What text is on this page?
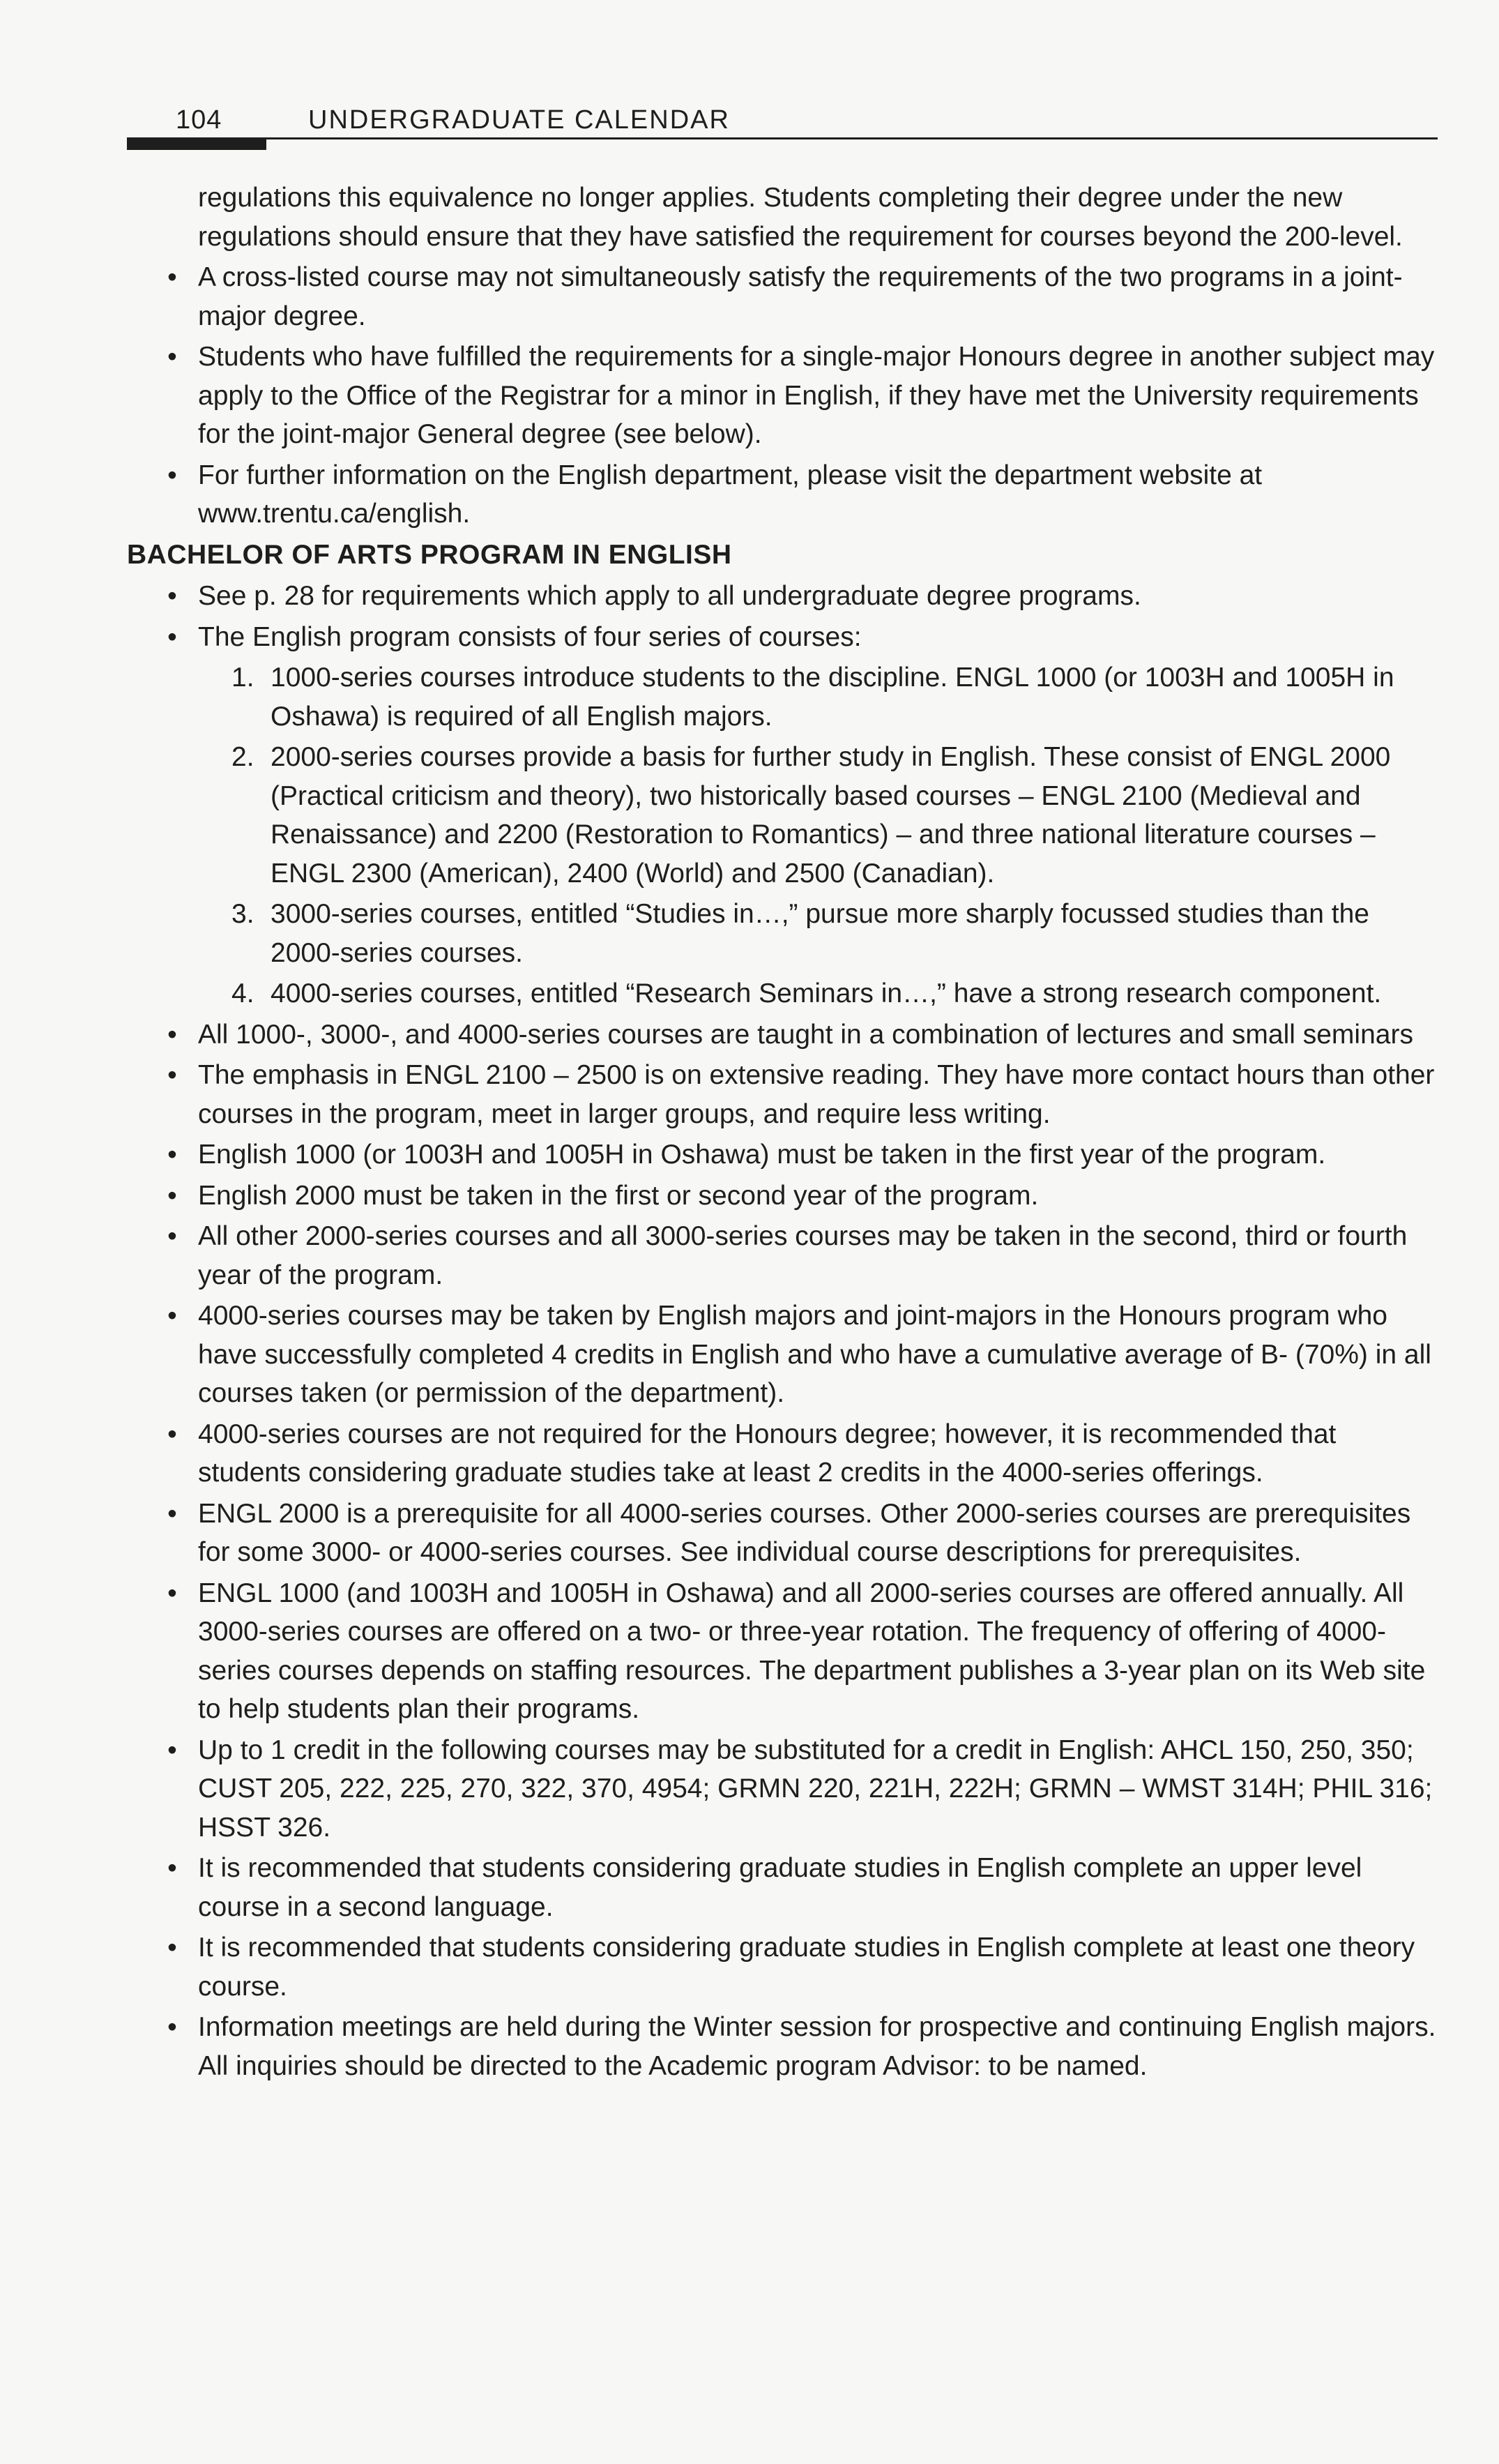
104	UNDERGRADUATE CALENDAR

regulations this equivalence no longer applies. Students completing their degree under the new regulations should ensure that they have satisfied the requirement for courses beyond the 200-level.

• A cross-listed course may not simultaneously satisfy the requirements of the two programs in a joint-major degree.
• Students who have fulfilled the requirements for a single-major Honours degree in another subject may apply to the Office of the Registrar for a minor in English, if they have met the University requirements for the joint-major General degree (see below).
• For further information on the English department, please visit the department website at www.trentu.ca/english.
BACHELOR OF ARTS PROGRAM IN ENGLISH
• See p. 28 for requirements which apply to all undergraduate degree programs.
• The English program consists of four series of courses:
1. 1000-series courses introduce students to the discipline. ENGL 1000 (or 1003H and 1005H in Oshawa) is required of all English majors.
2. 2000-series courses provide a basis for further study in English. These consist of ENGL 2000 (Practical criticism and theory), two historically based courses – ENGL 2100 (Medieval and Renaissance) and 2200 (Restoration to Romantics) – and three national literature courses – ENGL 2300 (American), 2400 (World) and 2500 (Canadian).
3. 3000-series courses, entitled “Studies in…,” pursue more sharply focussed studies than the 2000-series courses.
4. 4000-series courses, entitled “Research Seminars in…,” have a strong research component.
• All 1000-, 3000-, and 4000-series courses are taught in a combination of lectures and small seminars
• The emphasis in ENGL 2100 – 2500 is on extensive reading. They have more contact hours than other courses in the program, meet in larger groups, and require less writing.
• English 1000 (or 1003H and 1005H in Oshawa) must be taken in the first year of the program.
• English 2000 must be taken in the first or second year of the program.
• All other 2000-series courses and all 3000-series courses may be taken in the second, third or fourth year of the program.
• 4000-series courses may be taken by English majors and joint-majors in the Honours program who have successfully completed 4 credits in English and who have a cumulative average of B- (70%) in all courses taken (or permission of the department).
• 4000-series courses are not required for the Honours degree; however, it is recommended that students considering graduate studies take at least 2 credits in the 4000-series offerings.
• ENGL 2000 is a prerequisite for all 4000-series courses. Other 2000-series courses are prerequisites for some 3000- or 4000-series courses. See individual course descriptions for prerequisites.
• ENGL 1000 (and 1003H and 1005H in Oshawa) and all 2000-series courses are offered annually. All 3000-series courses are offered on a two- or three-year rotation. The frequency of offering of 4000-series courses depends on staffing resources. The department publishes a 3-year plan on its Web site to help students plan their programs.
• Up to 1 credit in the following courses may be substituted for a credit in English: AHCL 150, 250, 350; CUST 205, 222, 225, 270, 322, 370, 4954; GRMN 220, 221H, 222H; GRMN – WMST 314H; PHIL 316; HSST 326.
• It is recommended that students considering graduate studies in English complete an upper level course in a second language.
• It is recommended that students considering graduate studies in English complete at least one theory course.
• Information meetings are held during the Winter session for prospective and continuing English majors. All inquiries should be directed to the Academic program Advisor: to be named.
